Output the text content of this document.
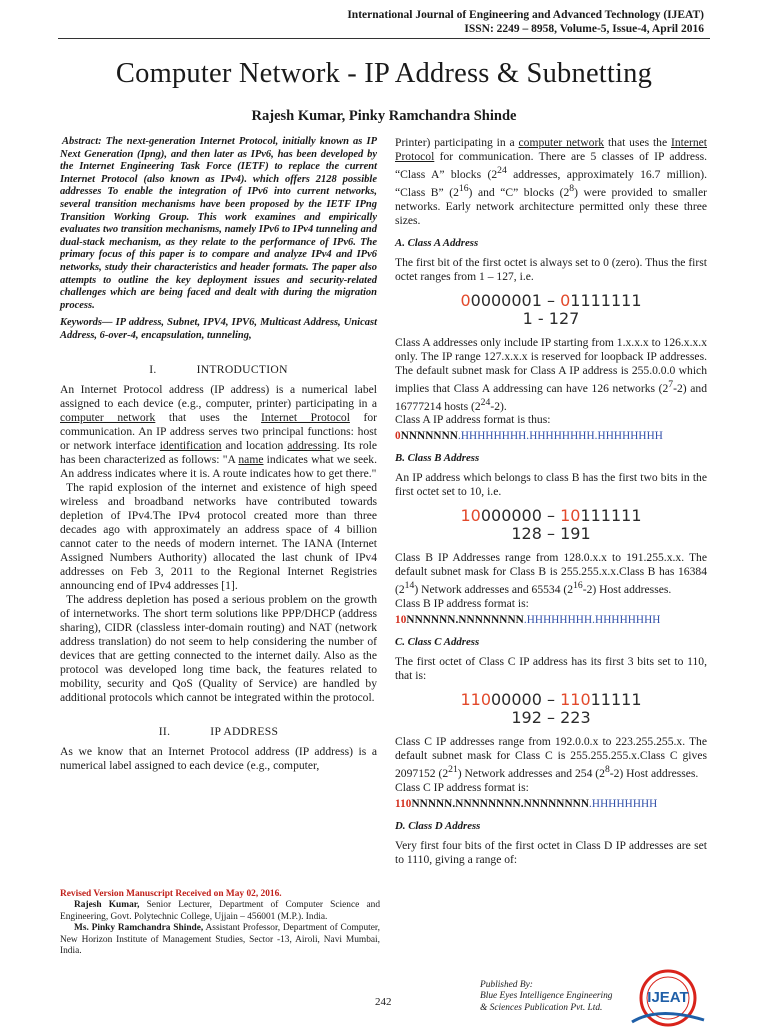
International Journal of Engineering and Advanced Technology (IJEAT)
ISSN: 2249 – 8958, Volume-5, Issue-4, April 2016
Computer Network - IP Address & Subnetting
Rajesh Kumar, Pinky Ramchandra Shinde

Abstract: The next-generation Internet Protocol, initially known as IP Next Generation (Ipng), and then later as IPv6, has been developed by the Internet Engineering Task Force (IETF) to replace the current Internet Protocol (also known as IPv4). which offers 2128 possible addresses To enable the integration of IPv6 into current networks, several transition mechanisms have been proposed by the IETF IPng Transition Working Group. This work examines and empirically evaluates two transition mechanisms, namely IPv6 to IPv4 tunneling and dual-stack mechanism, as they relate to the performance of IPv6. The primary focus of this paper is to compare and analyze IPv4 and IPv6 networks, study their characteristics and header formats. The paper also attempts to outline the key deployment issues and security-related challenges which are being faced and dealt with during the migration process.

Keywords— IP address, Subnet, IPV4, IPV6, Multicast Address, Unicast Address, 6-over-4, encapsulation, tunneling,

I.	INTRODUCTION

An Internet Protocol address (IP address) is a numerical label assigned to each device (e.g., computer, printer) participating in a computer network that uses the Internet Protocol for communication. An IP address serves two principal functions: host or network interface identification and location addressing. Its role has been characterized as follows: "A name indicates what we seek. An address indicates where it is. A route indicates how to get there."

The rapid explosion of the internet and existence of high speed wireless and broadband networks have contributed towards depletion of IPv4.The IPv4 protocol created more than three decades ago with approximately an address space of 4 billion cannot cater to the needs of modern internet. The IANA (Internet Assigned Numbers Authority) allocated the last chunk of IPv4 addresses on Feb 3, 2011 to the Regional Internet Registries announcing end of IPv4 addresses [1].

The address depletion has posed a serious problem on the growth of internetworks. The short term solutions like PPP/DHCP (address sharing), CIDR (classless inter-domain routing) and NAT (network address translation) do not seem to help considering the number of devices that are getting connected to the internet daily. Also as the protocol was developed long time back, the features related to mobility, security and QoS (Quality of Service) are handled by additional protocols which cannot be integrated within the protocol.

II.	IP ADDRESS

As we know that an Internet Protocol address (IP address) is a numerical label assigned to each device (e.g., computer,

Revised Version Manuscript Received on May 02, 2016.
Rajesh Kumar, Senior Lecturer, Department of Computer Science and Engineering, Govt. Polytechnic College, Ujjain – 456001 (M.P.). India.
Ms. Pinky Ramchandra Shinde, Assistant Professor, Department of Computer, New Horizon Institute of Management Studies, Sector -13, Airoli, Navi Mumbai, India.

Printer) participating in a computer network that uses the Internet Protocol for communication. There are 5 classes of IP address. “Class A” blocks ($2^{24}$ addresses, approximately 16.7 million). “Class B” $(2^{16})$ and “C” blocks $(2^8)$ were provided to smaller networks. Early network architecture permitted only these three sizes.

A. Class A Address

The first bit of the first octet is always set to 0 (zero). Thus the first octet ranges from 1 – 127, i.e.

00000001 – 01111111
1 - 127

Class A addresses only include IP starting from 1.x.x.x to 126.x.x.x only. The IP range 127.x.x.x is reserved for loopback IP addresses. The default subnet mask for Class A IP address is 255.0.0.0 which implies that Class A addressing can have 126 networks $(2^7-2)$ and 16777214 hosts $(2^{24}-2)$.

Class A IP address format is thus:

0NNNNNNN.HHHHHHHH.HHHHHHHH.HHHHHHHH
B. Class B Address

An IP address which belongs to class B has the first two bits in the first octet set to 10, i.e.

10000000 – 10111111
128 – 191

Class B IP Addresses range from 128.0.x.x to 191.255.x.x. The default subnet mask for Class B is 255.255.x.x.Class B has 16384 $(2^{14})$ Network addresses and 65534 $(2^{16}-2)$ Host addresses.

Class B IP address format is:

10NNNNNN.NNNNNNNN.HHHHHHHH.HHHHHHHH
C. Class C Address

The first octet of Class C IP address has its first 3 bits set to 110, that is:

11000000 – 11011111
192 – 223

Class C IP addresses range from 192.0.0.x to 223.255.255.x. The default subnet mask for Class C is 255.255.255.x.Class C gives 2097152 $(2^{21})$ Network addresses and 254 $(2^8-2)$ Host addresses.

Class C IP address format is:

110NNNNN.NNNNNNNN.NNNNNNNN.HHHHHHHH
D. Class D Address

Very first four bits of the first octet in Class D IP addresses are set to 1110, giving a range of:

242
Published By:
Blue Eyes Intelligence Engineering
& Sciences Publication Pvt. Ltd.
IJEAT
